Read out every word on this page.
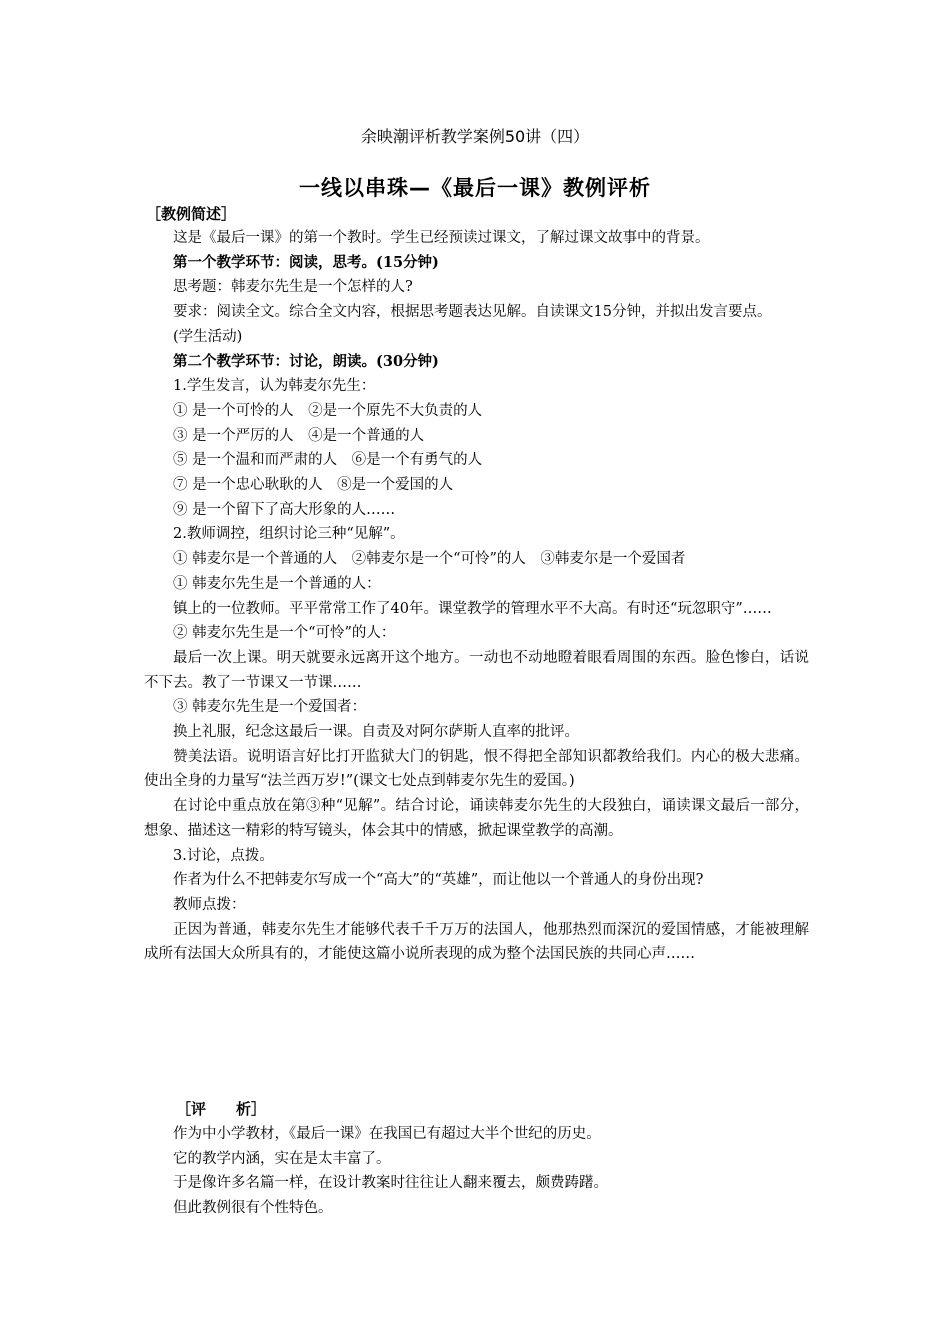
余映潮评析教学案例50讲（四）
一线以串珠—《最后一课》教例评析
［教例简述］

这是《最后一课》的第一个教时。学生已经预读过课文，了解过课文故事中的背景。

第一个教学环节：阅读，思考。(15分钟)

思考题：韩麦尔先生是一个怎样的人?

要求：阅读全文。综合全文内容，根据思考题表达见解。自读课文15分钟，并拟出发言要点。

(学生活动)

第二个教学环节：讨论，朗读。(30分钟)

1.学生发言，认为韩麦尔先生：

① 是一个可怜的人　②是一个原先不大负责的人

③ 是一个严厉的人　④是一个普通的人

⑤ 是一个温和而严肃的人　⑥是一个有勇气的人

⑦ 是一个忠心耿耿的人　⑧是一个爱国的人

⑨ 是一个留下了高大形象的人……

2.教师调控，组织讨论三种“见解”。

① 韩麦尔是一个普通的人　②韩麦尔是一个“可怜”的人　③韩麦尔是一个爱国者

① 韩麦尔先生是一个普通的人：

镇上的一位教师。平平常常工作了40年。课堂教学的管理水平不大高。有时还“玩忽职守”……

② 韩麦尔先生是一个“可怜”的人：

最后一次上课。明天就要永远离开这个地方。一动也不动地瞪着眼看周围的东西。脸色惨白，话说不下去。教了一节课又一节课……

③ 韩麦尔先生是一个爱国者：

换上礼服，纪念这最后一课。自责及对阿尔萨斯人直率的批评。

赞美法语。说明语言好比打开监狱大门的钥匙，恨不得把全部知识都教给我们。内心的极大悲痛。使出全身的力量写“法兰西万岁!”(课文七处点到韩麦尔先生的爱国。)

在讨论中重点放在第③种“见解”。结合讨论，诵读韩麦尔先生的大段独白，诵读课文最后一部分，想象、描述这一精彩的特写镜头，体会其中的情感，掀起课堂教学的高潮。

3.讨论，点拨。

作者为什么不把韩麦尔写成一个“高大”的“英雄”，而让他以一个普通人的身份出现?

教师点拨：

正因为普通，韩麦尔先生才能够代表千千万万的法国人，他那热烈而深沉的爱国情感，才能被理解成所有法国大众所具有的，才能使这篇小说所表现的成为整个法国民族的共同心声……

［评　　析］

作为中小学教材，《最后一课》在我国已有超过大半个世纪的历史。

它的教学内涵，实在是太丰富了。

于是像许多名篇一样，在设计教案时往往让人翻来覆去，颇费踌躇。

但此教例很有个性特色。
